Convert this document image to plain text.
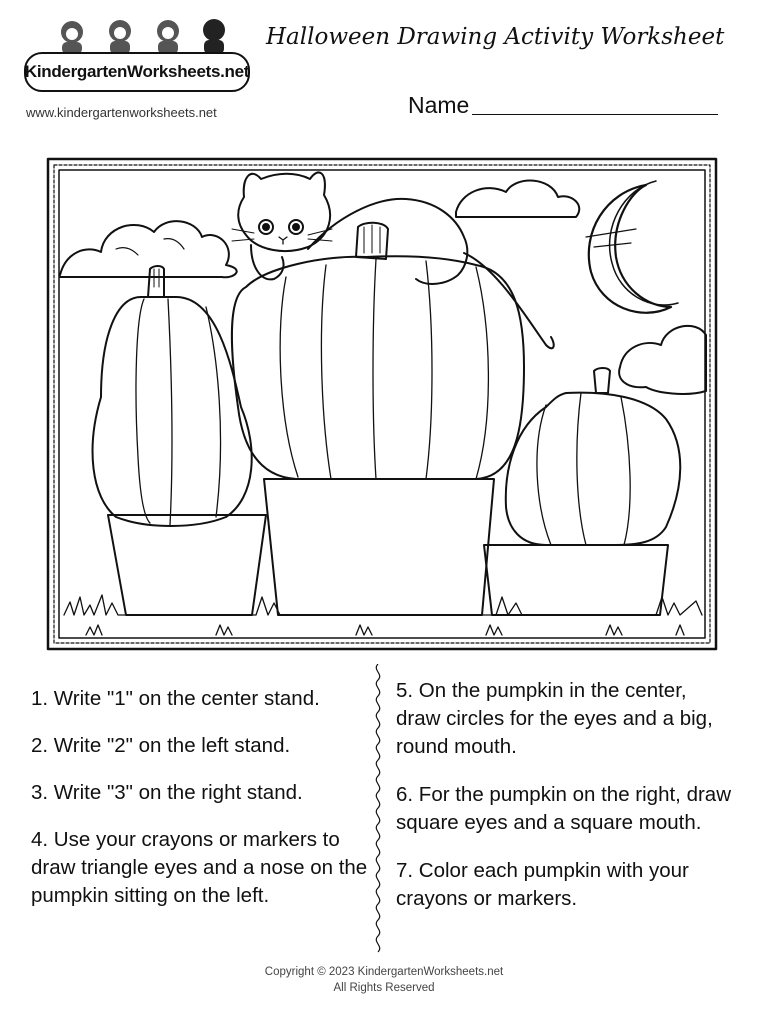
KindergartenWorksheets.net
www.kindergartenworksheets.net
Halloween Drawing Activity Worksheet
Name

1. Write "1" on the center stand.

2. Write "2" on the left stand.

3. Write "3" on the right stand.

4. Use your crayons or markers to draw triangle eyes and a nose on the pumpkin sitting on the left.

5. On the pumpkin in the center, draw circles for the eyes and a big, round mouth.

6. For the pumpkin on the right, draw square eyes and a square mouth.

7. Color each pumpkin with your crayons or markers.

Copyright © 2023 KindergartenWorksheets.net
All Rights Reserved
